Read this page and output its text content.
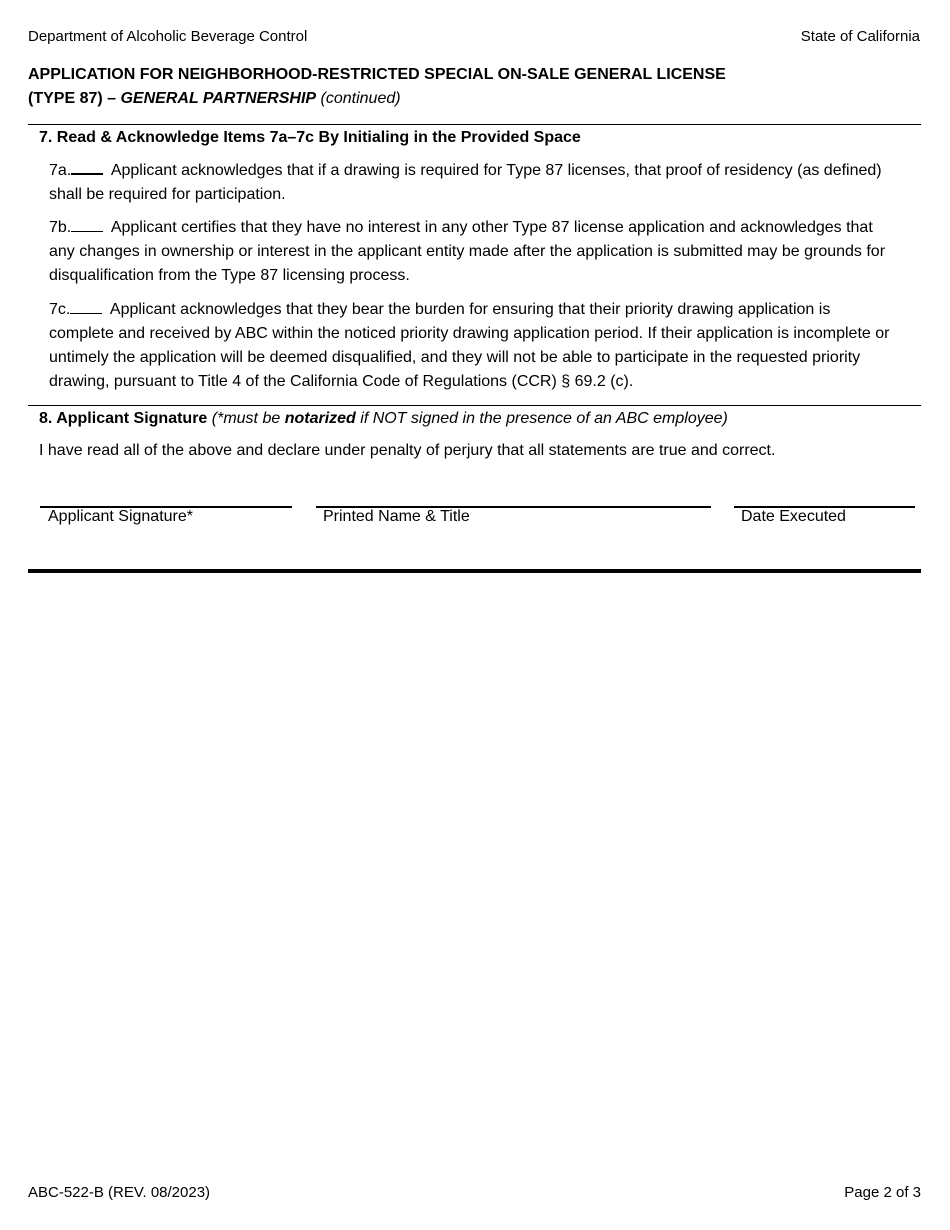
Department of Alcoholic Beverage Control	State of California
APPLICATION FOR NEIGHBORHOOD-RESTRICTED SPECIAL ON-SALE GENERAL LICENSE
(TYPE 87) – GENERAL PARTNERSHIP (continued)
7. Read & Acknowledge Items 7a–7c By Initialing in the Provided Space
7a. Applicant acknowledges that if a drawing is required for Type 87 licenses, that proof of residency (as defined) shall be required for participation.
7b. Applicant certifies that they have no interest in any other Type 87 license application and acknowledges that any changes in ownership or interest in the applicant entity made after the application is submitted may be grounds for disqualification from the Type 87 licensing process.
7c. Applicant acknowledges that they bear the burden for ensuring that their priority drawing application is complete and received by ABC within the noticed priority drawing application period. If their application is incomplete or untimely the application will be deemed disqualified, and they will not be able to participate in the requested priority drawing, pursuant to Title 4 of the California Code of Regulations (CCR) § 69.2 (c).
8. Applicant Signature (*must be notarized if NOT signed in the presence of an ABC employee)
I have read all of the above and declare under penalty of perjury that all statements are true and correct.
Applicant Signature*	Printed Name & Title	Date Executed
ABC-522-B (REV. 08/2023)	Page 2 of 3
